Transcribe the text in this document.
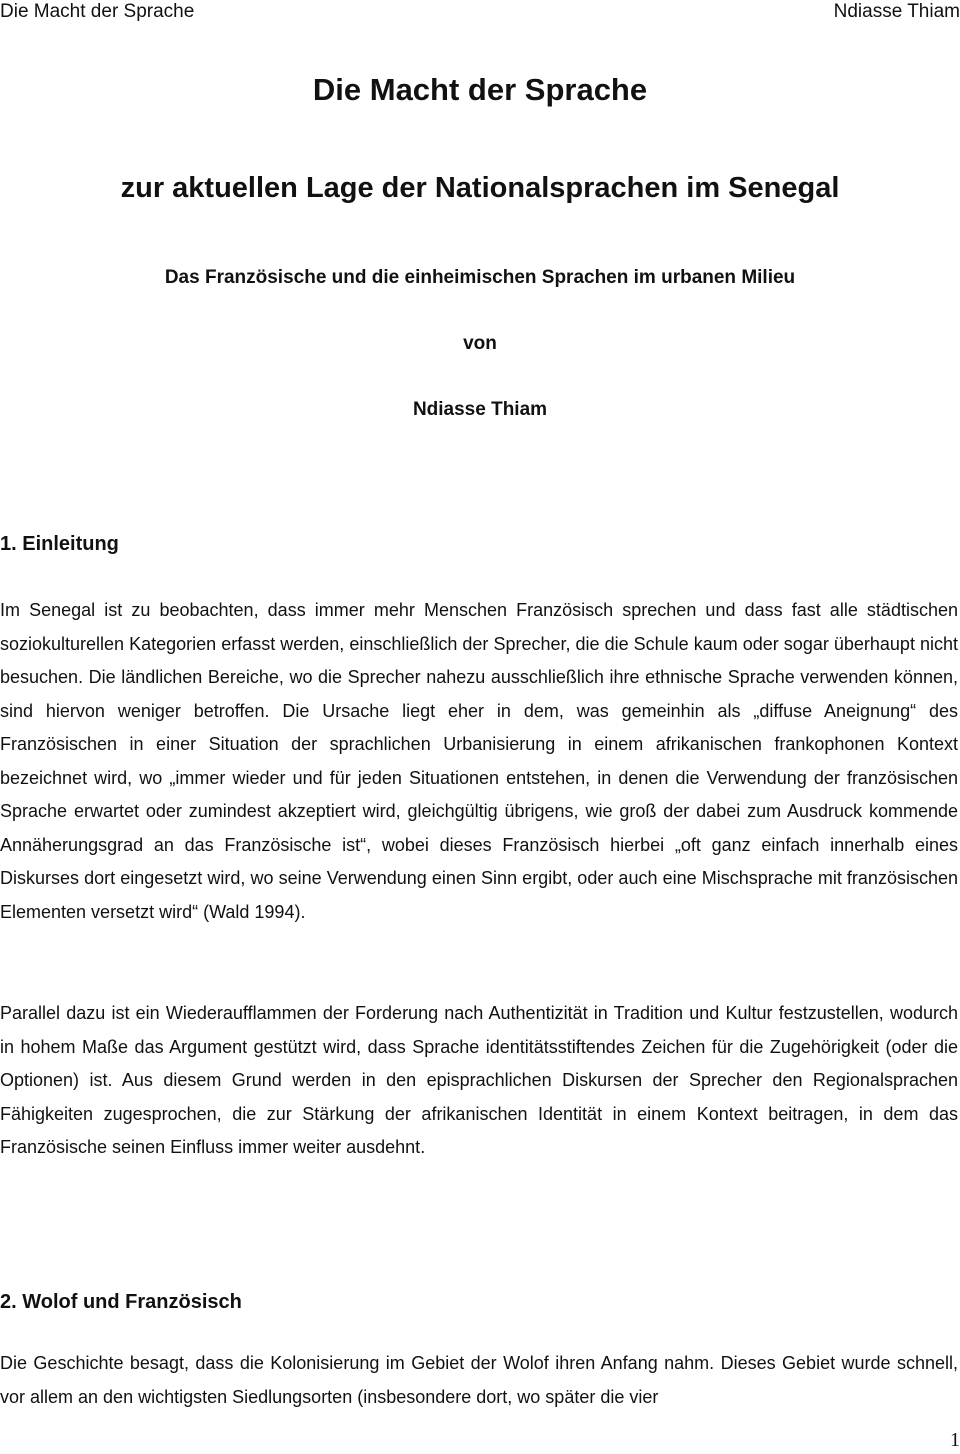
Die Macht der Sprache	Ndiasse Thiam
Die Macht der Sprache
zur aktuellen Lage der Nationalsprachen im Senegal
Das Französische und die einheimischen Sprachen im urbanen Milieu
von
Ndiasse Thiam
1. Einleitung

Im Senegal ist zu beobachten, dass immer mehr Menschen Französisch sprechen und dass fast alle städtischen soziokulturellen Kategorien erfasst werden, einschließlich der Sprecher, die die Schule kaum oder sogar überhaupt nicht besuchen. Die ländlichen Bereiche, wo die Sprecher nahezu ausschließlich ihre ethnische Sprache verwenden können, sind hiervon weniger betroffen. Die Ursache liegt eher in dem, was gemeinhin als „diffuse Aneignung“ des Französischen in einer Situation der sprachlichen Urbanisierung in einem afrikanischen frankophonen Kontext bezeichnet wird, wo „immer wieder und für jeden Situationen entstehen, in denen die Verwendung der französischen Sprache erwartet oder zumindest akzeptiert wird, gleichgültig übrigens, wie groß der dabei zum Ausdruck kommende Annäherungsgrad an das Französische ist“, wobei dieses Französisch hierbei „oft ganz einfach innerhalb eines Diskurses dort eingesetzt wird, wo seine Verwendung einen Sinn ergibt, oder auch eine Mischsprache mit französischen Elementen versetzt wird“ (Wald 1994).

Parallel dazu ist ein Wiederaufflammen der Forderung nach Authentizität in Tradition und Kultur festzustellen, wodurch in hohem Maße das Argument gestützt wird, dass Sprache identitätsstiftendes Zeichen für die Zugehörigkeit (oder die Optionen) ist. Aus diesem Grund werden in den episprachlichen Diskursen der Sprecher den Regionalsprachen Fähigkeiten zugesprochen, die zur Stärkung der afrikanischen Identität in einem Kontext beitragen, in dem das Französische seinen Einfluss immer weiter ausdehnt.

2. Wolof und Französisch

Die Geschichte besagt, dass die Kolonisierung im Gebiet der Wolof ihren Anfang nahm. Dieses Gebiet wurde schnell, vor allem an den wichtigsten Siedlungsorten (insbesondere dort, wo später die vier

1
